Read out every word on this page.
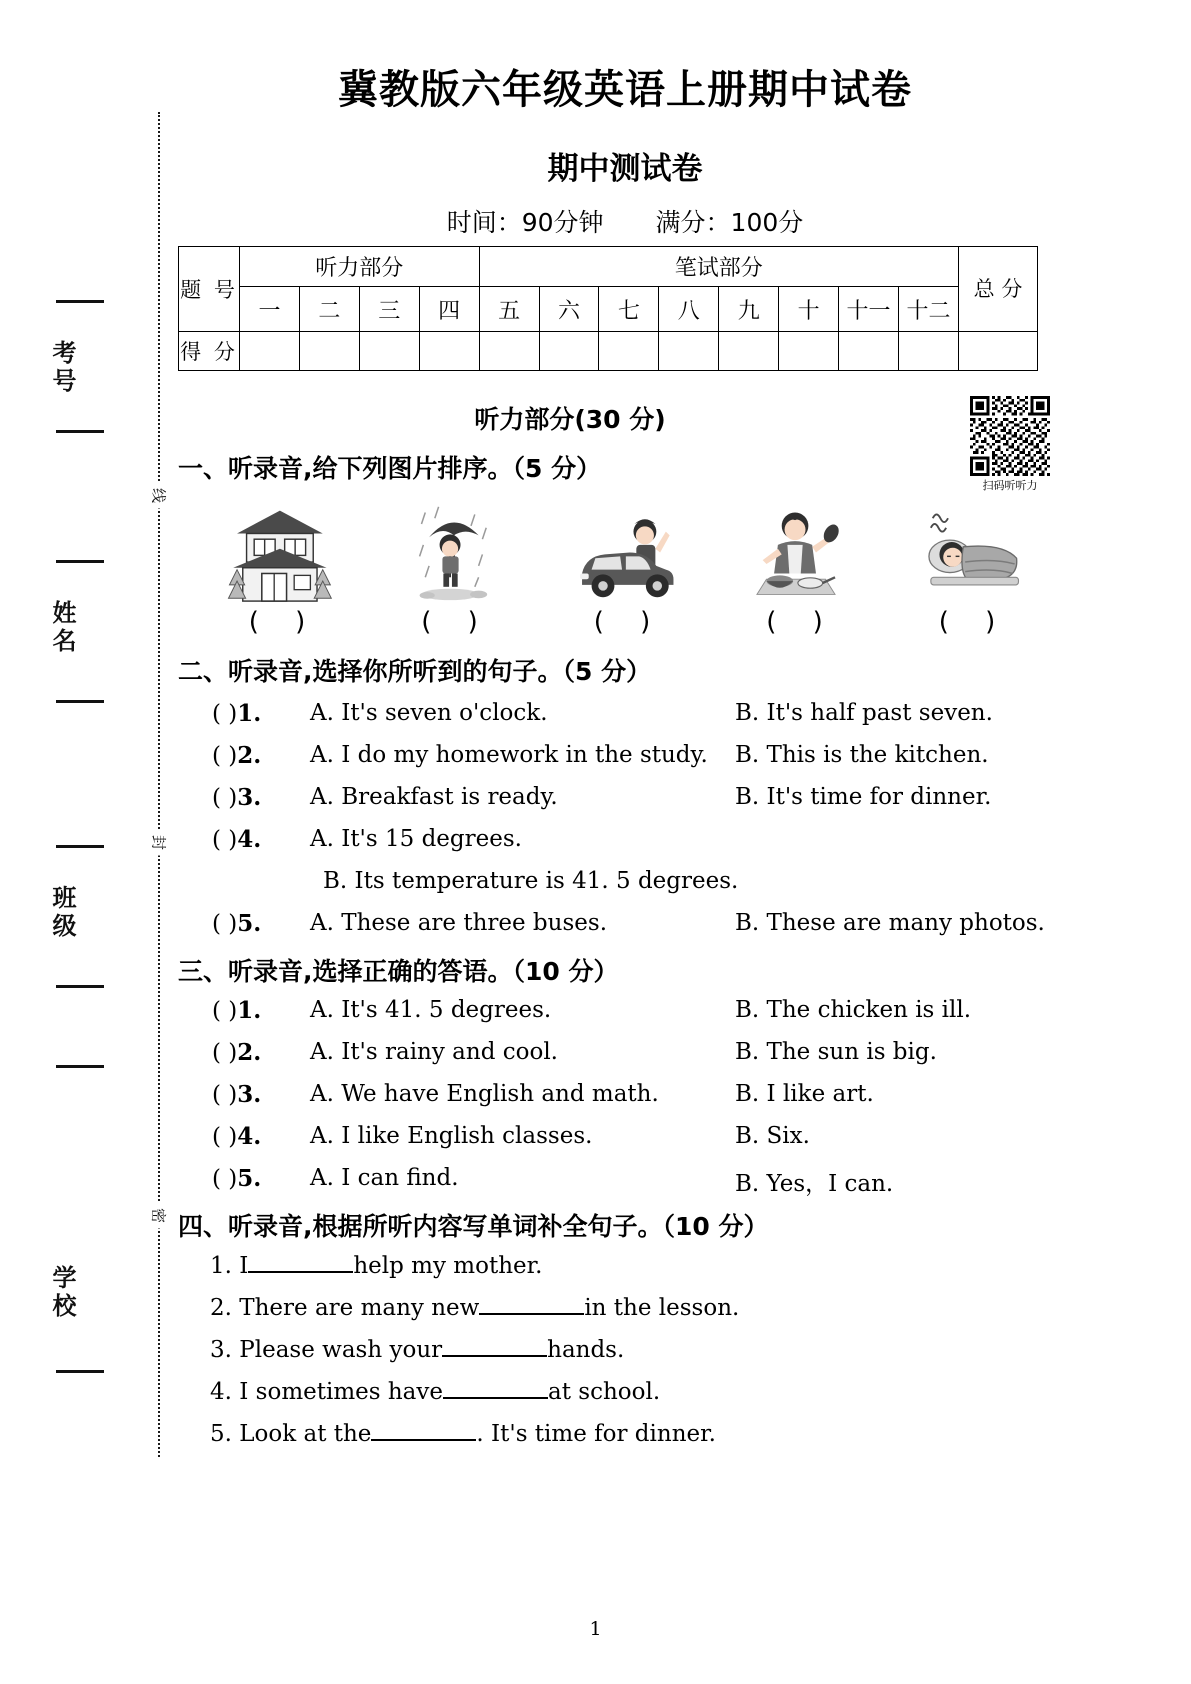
线
封
密
考号
姓名
班级
学校
冀教版六年级英语上册期中试卷
期中测试卷
时间：90分钟 满分：100分
题 号	听力部分				笔试部分								总 分
	一	二	三	四	五	六	七	八	九	十	十一	十二	
得 分													
听力部分(30 分)
扫码听听力
一、听录音,给下列图片排序。（5 分）
( )	( )	( )	( )	( )
二、听录音,选择你所听到的句子。（5 分）
( )1. A. It's seven o'clock.	B. It's half past seven.
( )2. A. I do my homework in the study. B. This is the kitchen.
( )3. A. Breakfast is ready.	B. It's time for dinner.
( )4. A. It's 15 degrees.
B. Its temperature is 41. 5 degrees.
( )5. A. These are three buses.	B. These are many photos.
三、听录音,选择正确的答语。（10 分）
( )1. A. It's 41. 5 degrees.	B. The chicken is ill.
( )2. A. It's rainy and cool.	B. The sun is big.
( )3. A. We have English and math.	B. I like art.
( )4. A. I like English classes.	B. Six.
( )5. A. I can find.	B. Yes，I can.
四、听录音,根据所听内容写单词补全句子。（10 分）
1. I	help my mother.
2. There are many new	in the lesson.
3. Please wash your	hands.
4. I sometimes have	at school.
5. Look at the	. It's time for dinner.
1
